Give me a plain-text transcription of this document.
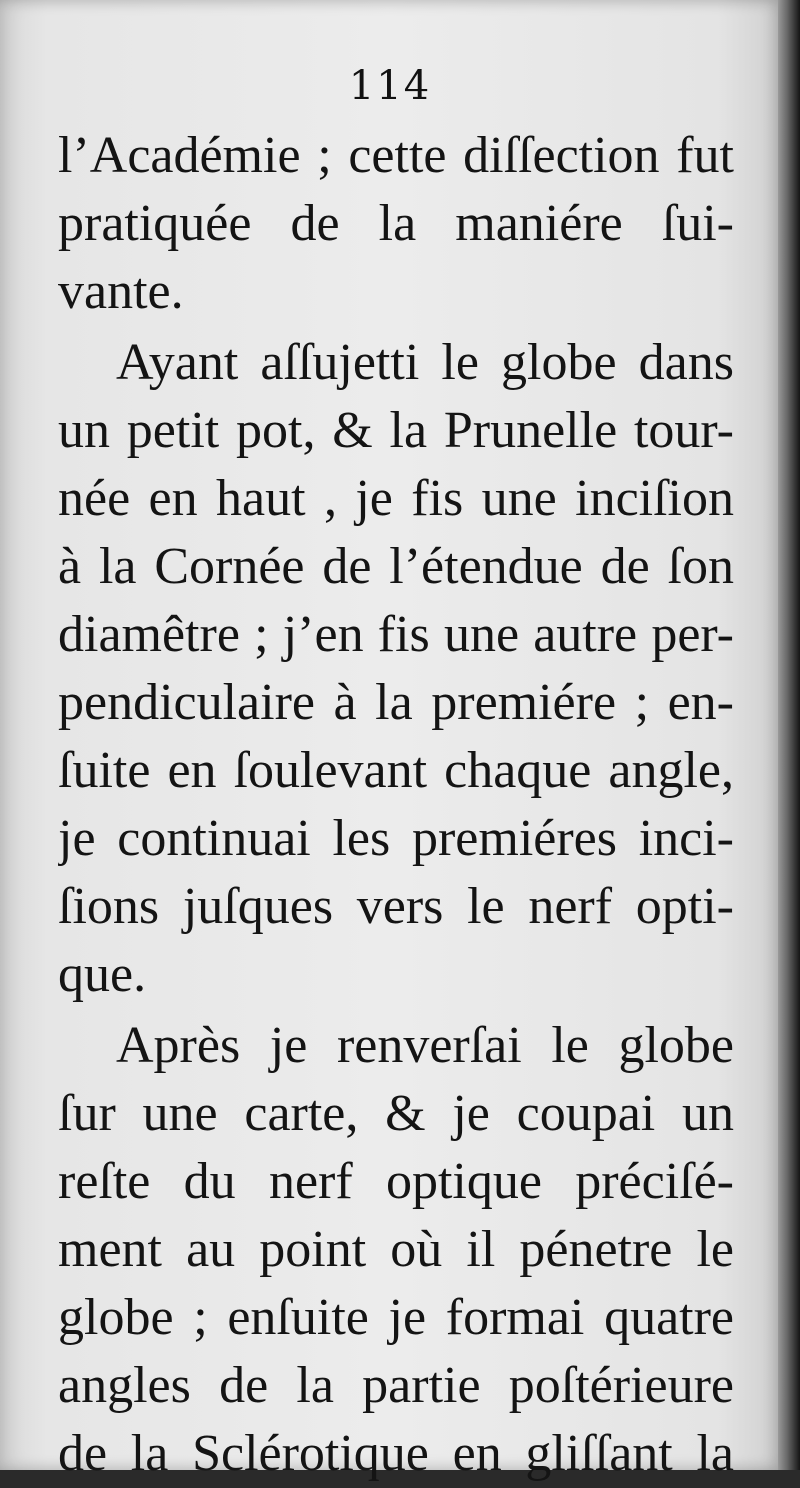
114
l’Académie ; cette diſſection fut
pratiquée de la maniére ſui-
vante.
Ayant aſſujetti le globe dans
un petit pot, & la Prunelle tour-
née en haut , je fis une inciſion
à la Cornée de l’étendue de ſon
diamêtre ; j’en fis une autre per-
pendiculaire à la premiére ; en-
ſuite en ſoulevant chaque angle,
je continuai les premiéres inci-
ſions juſques vers le nerf opti-
que.
Après je renverſai le globe
ſur une carte, & je coupai un
reſte du nerf optique préciſé-
ment au point où il pénetre le
globe ; enſuite je formai quatre
angles de la partie poſtérieure
de la Sclérotique en gliſſant la
